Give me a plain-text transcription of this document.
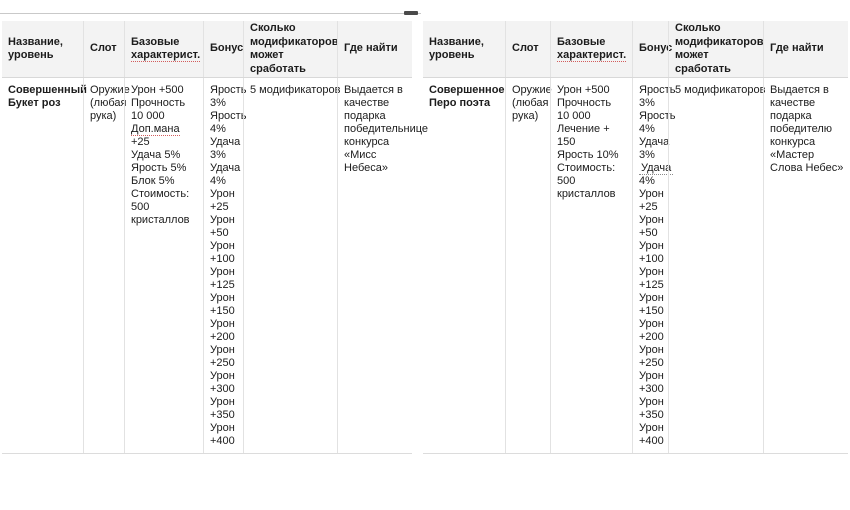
Название, уровень
Слот
Базовые характерист.
Бонус
Сколько модификаторов может сработать
Где найти
Совершенный Букет роз
Оружие (любая рука)
Урон +500
Прочность
10 000
Доп.мана +25
Удача 5%
Ярость 5%
Блок 5%
Стоимость:
500 кристаллов
Ярость
3%
Ярость
4%
Удача
3%
Удача
4%
Урон
+25
Урон
+50
Урон
+100
Урон
+125
Урон
+150
Урон
+200
Урон
+250
Урон
+300
Урон
+350
Урон
+400
5 модификаторов Выдается в качестве подарка победительнице конкурса «Мисс Небеса»
Название, уровень
Слот
Базовые характерист.
Бонус
Сколько модификаторов может сработать
Где найти
Совершенное Перо поэта
Оружие (любая рука)
Урон +500
Прочность
10 000
Лечение + 150
Ярость 10%
Стоимость:
500 кристаллов
Ярость
3%
Ярость
4%
Удача
3%
Удача
4%
Урон
+25
Урон
+50
Урон
+100
Урон
+125
Урон
+150
Урон
+200
Урон
+250
Урон
+300
Урон
+350
Урон
+400
5 модификаторов Выдается в качестве подарка победителю конкурса «Мастер Слова Небес»
